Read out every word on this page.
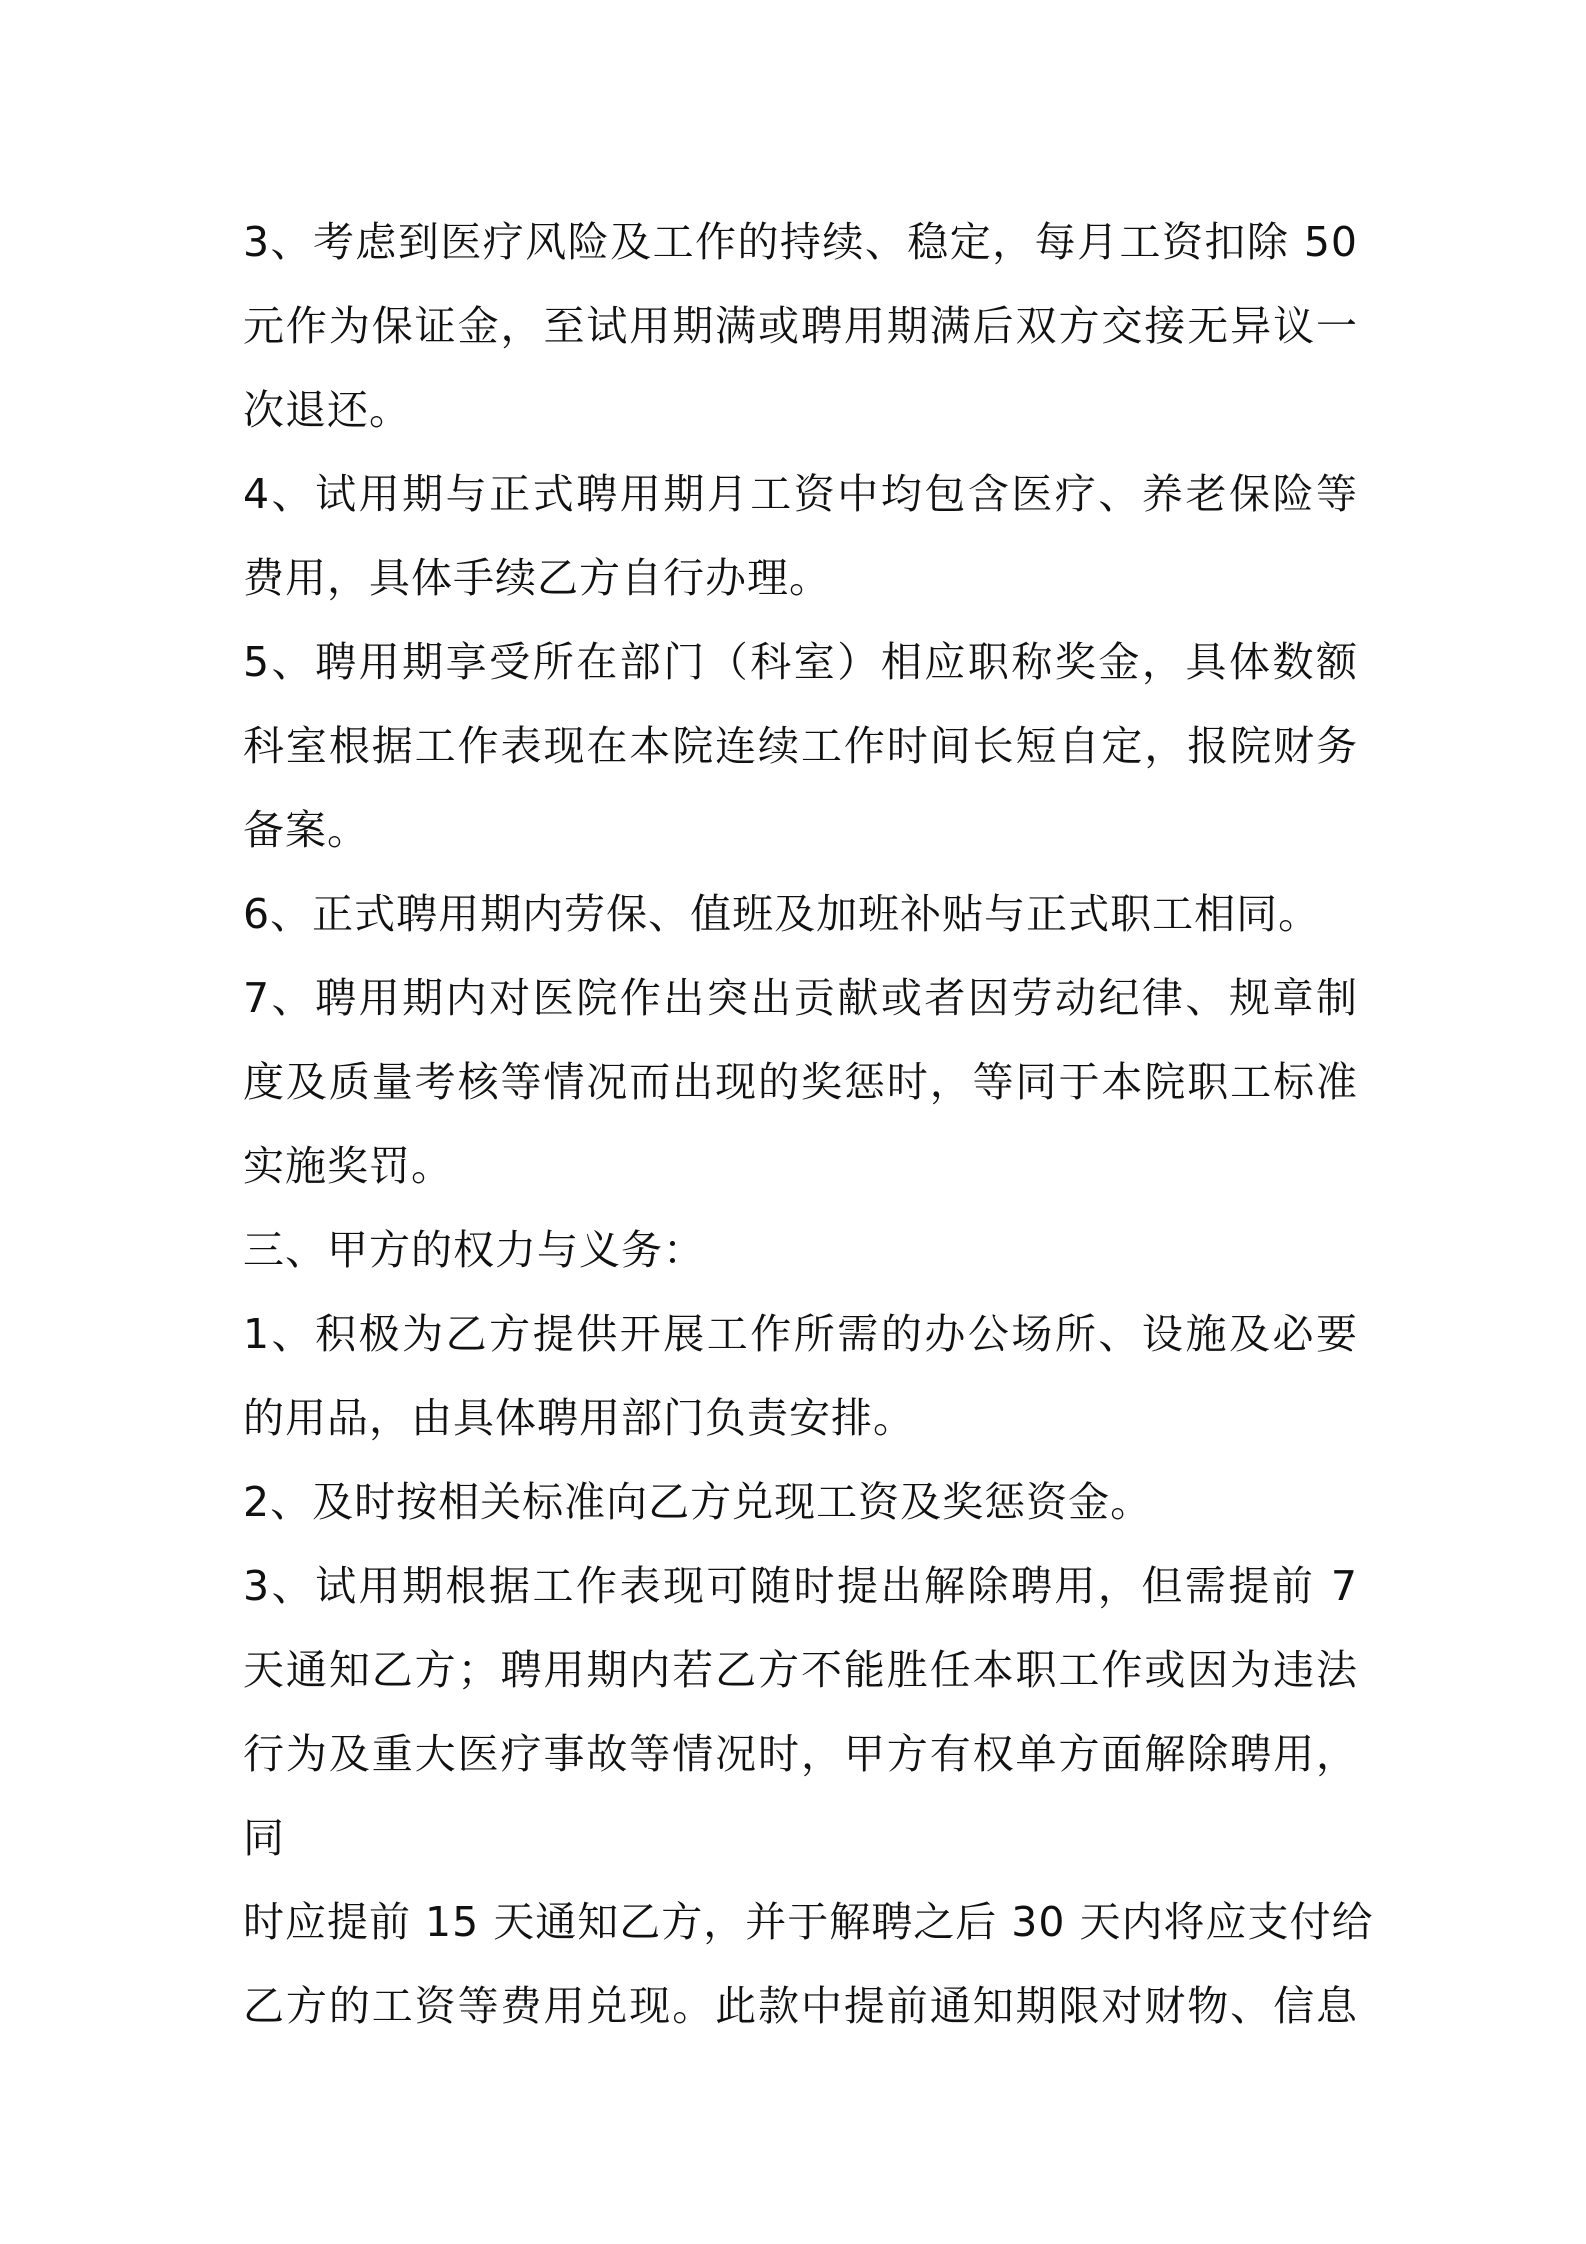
3、考虑到医疗风险及工作的持续、稳定，每月工资扣除 50
元作为保证金，至试用期满或聘用期满后双方交接无异议一
次退还。
4、试用期与正式聘用期月工资中均包含医疗、养老保险等
费用，具体手续乙方自行办理。
5、聘用期享受所在部门（科室）相应职称奖金，具体数额
科室根据工作表现在本院连续工作时间长短自定，报院财务
备案。
6、正式聘用期内劳保、值班及加班补贴与正式职工相同。
7、聘用期内对医院作出突出贡献或者因劳动纪律、规章制
度及质量考核等情况而出现的奖惩时，等同于本院职工标准
实施奖罚。
三、甲方的权力与义务：
1、积极为乙方提供开展工作所需的办公场所、设施及必要
的用品，由具体聘用部门负责安排。
2、及时按相关标准向乙方兑现工资及奖惩资金。
3、试用期根据工作表现可随时提出解除聘用，但需提前 7
天通知乙方；聘用期内若乙方不能胜任本职工作或因为违法
行为及重大医疗事故等情况时，甲方有权单方面解除聘用，
同
时应提前 15 天通知乙方，并于解聘之后 30 天内将应支付给
乙方的工资等费用兑现。此款中提前通知期限对财物、信息
